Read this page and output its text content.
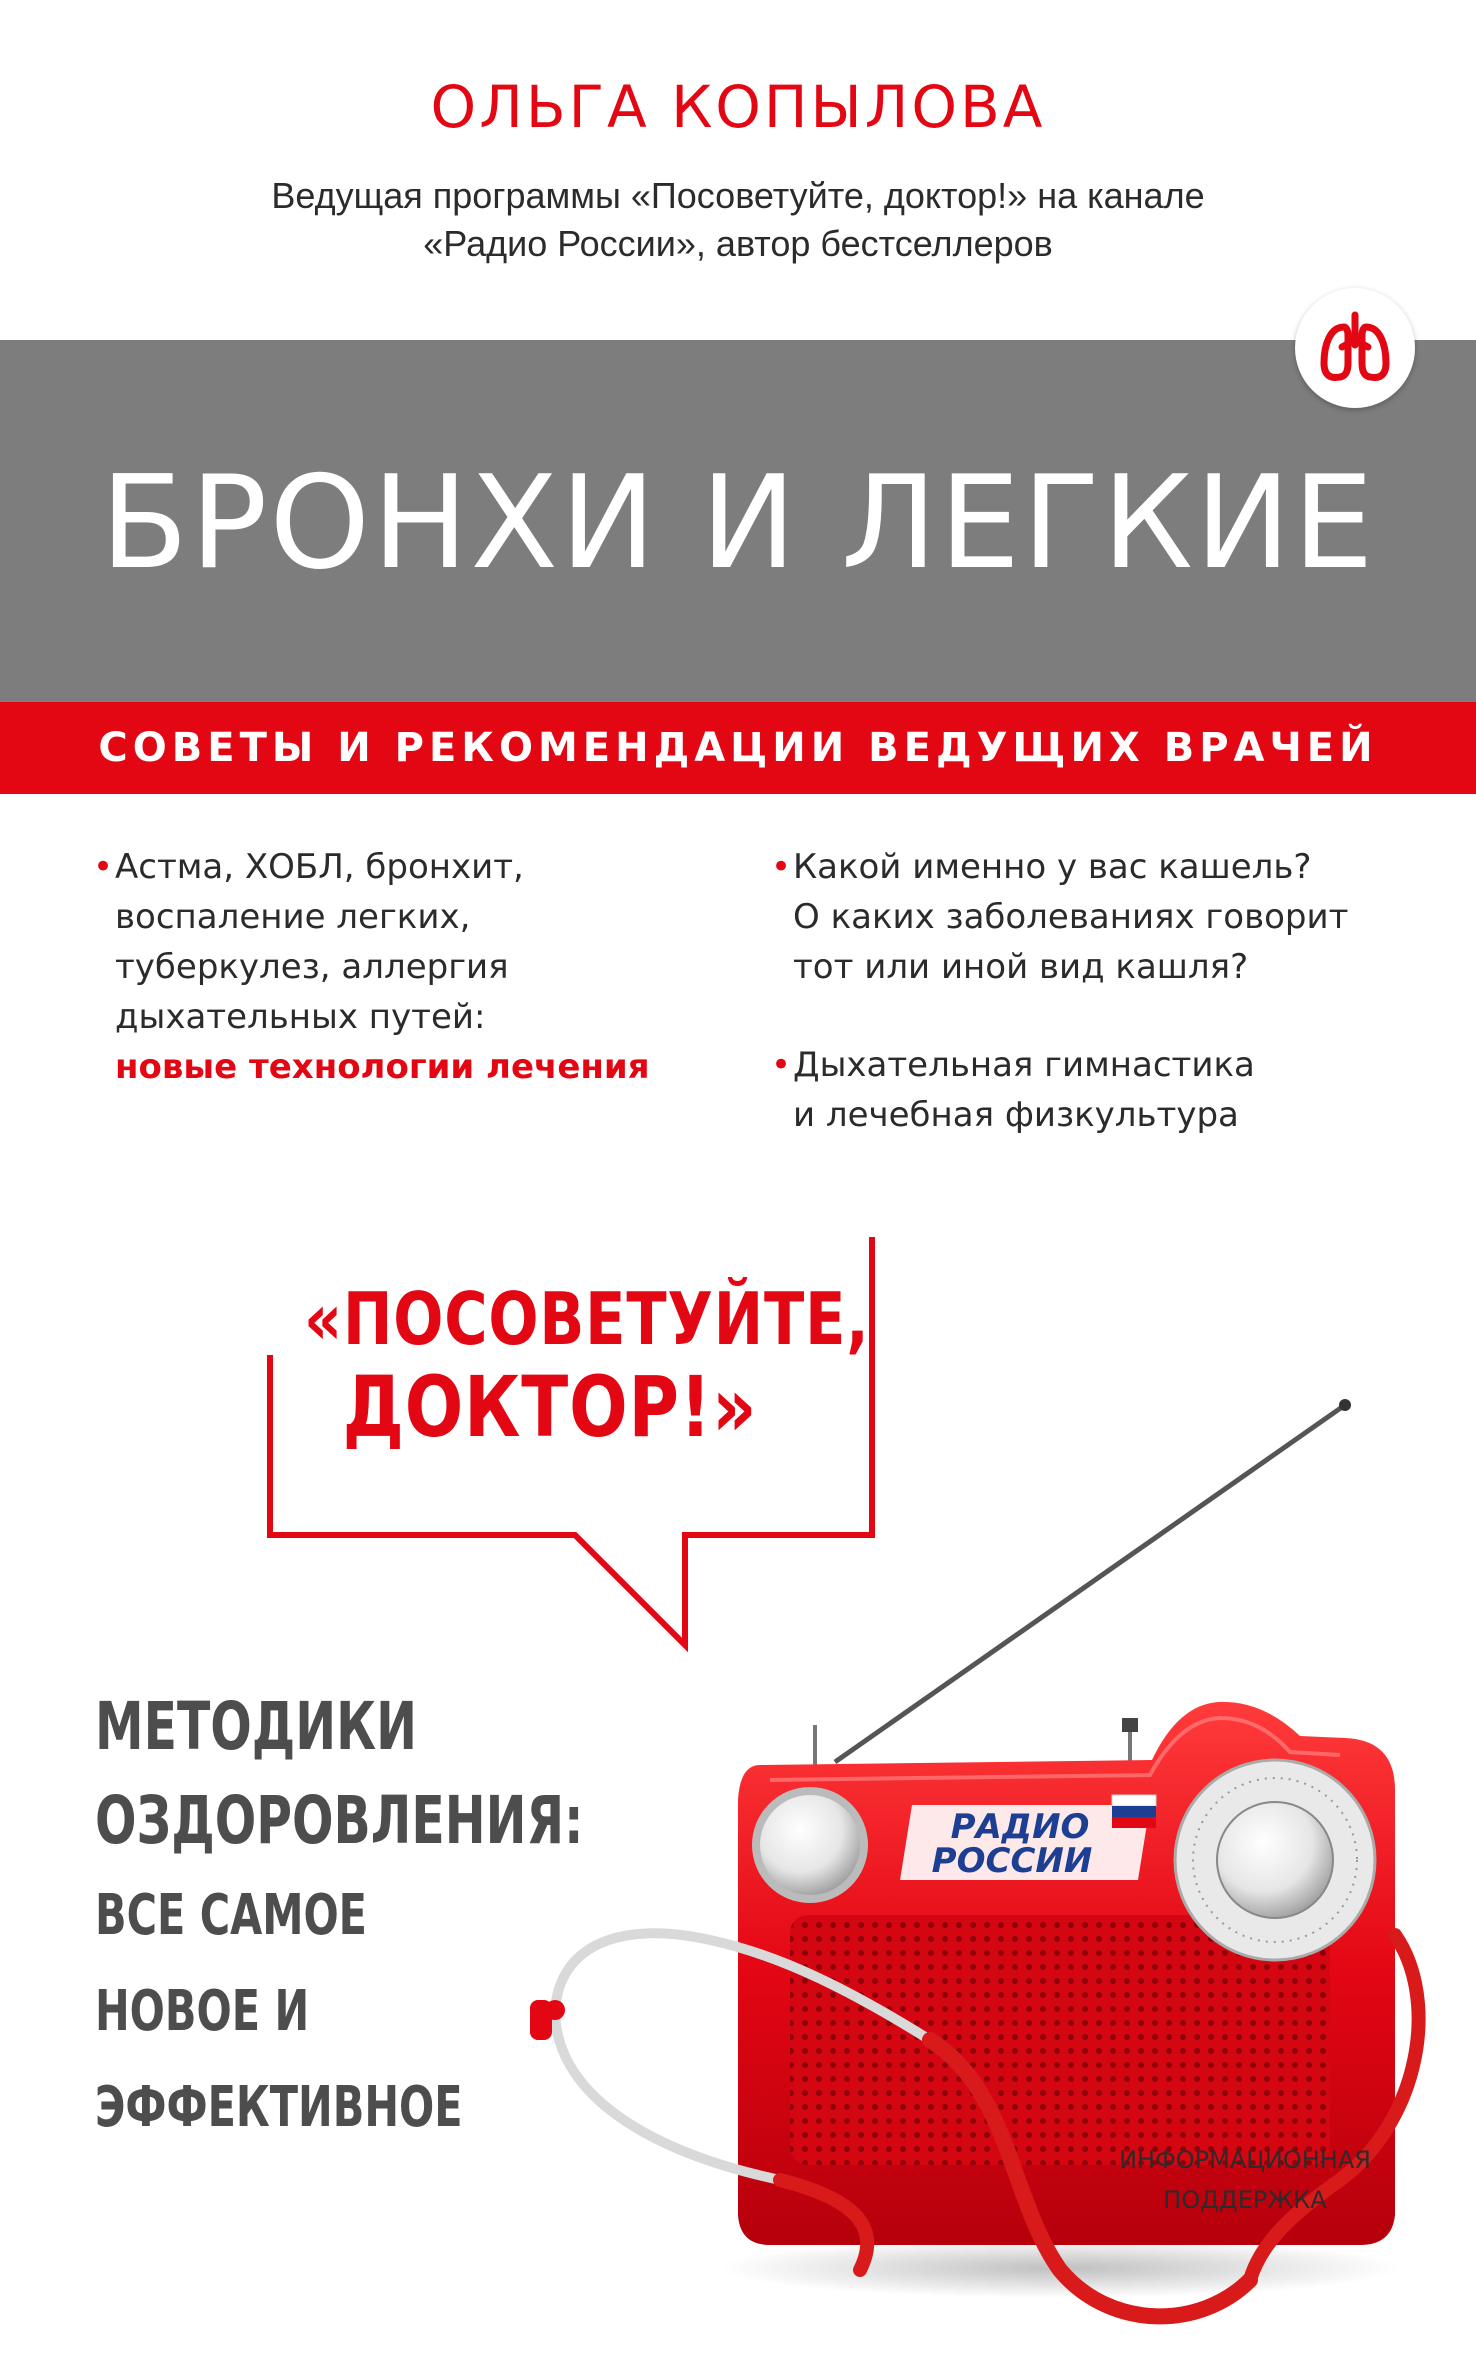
ОЛЬГА КОПЫЛОВА
Ведущая программы «Посоветуйте, доктор!» на канале
«Радио России», автор бестселлеров
БРОНХИ И ЛЕГКИЕ
СОВЕТЫ И РЕКОМЕНДАЦИИ ВЕДУЩИХ ВРАЧЕЙ
• Астма, ХОБЛ, бронхит,
воспаление легких,
туберкулез, аллергия
дыхательных путей:
новые технологии лечения
• Какой именно у вас кашель?
О каких заболеваниях говорит
тот или иной вид кашля?
• Дыхательная гимнастика
и лечебная физкультура
«ПОСОВЕТУЙТЕ,
ДОКТОР!»
МЕТОДИКИ
ОЗДОРОВЛЕНИЯ:
ВСЕ САМОЕ
НОВОЕ И
ЭФФЕКТИВНОЕ
РАДИО
РОССИИ
ИНФОРМАЦИОННАЯ
ПОДДЕРЖКА
